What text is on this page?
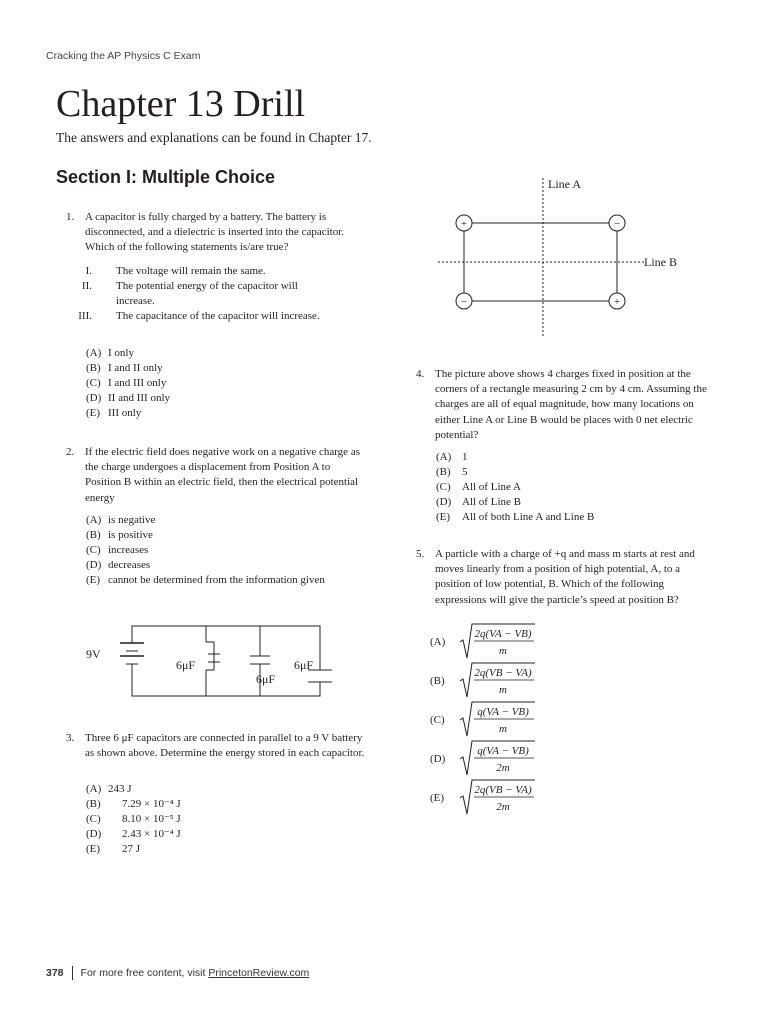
Cracking the AP Physics C Exam
Chapter 13 Drill
The answers and explanations can be found in Chapter 17.
Section I: Multiple Choice
1. A capacitor is fully charged by a battery. The battery is disconnected, and a dielectric is inserted into the capacitor. Which of the following statements is/are true?
I. The voltage will remain the same.
II. The potential energy of the capacitor will increase.
III. The capacitance of the capacitor will increase.
(A) I only
(B) I and II only
(C) I and III only
(D) II and III only
(E) III only
2. If the electric field does negative work on a negative charge as the charge undergoes a displacement from Position A to Position B within an electric field, then the electrical potential energy
(A) is negative
(B) is positive
(C) increases
(D) decreases
(E) cannot be determined from the information given
9V
6μF
6μF
6μF
3. Three 6 μF capacitors are connected in parallel to a 9 V battery as shown above. Determine the energy stored in each capacitor.
(A) 243 J
(B) 7.29 × 10⁻⁴ J
(C) 8.10 × 10⁻⁵ J
(D) 2.43 × 10⁻⁴ J
(E) 27 J
Line A
Line B
+	−
−	+
4. The picture above shows 4 charges fixed in position at the corners of a rectangle measuring 2 cm by 4 cm. Assuming the charges are all of equal magnitude, how many locations on either Line A or Line B would be places with 0 net electric potential?
(A) 1
(B) 5
(C) All of Line A
(D) All of Line B
(E) All of both Line A and Line B
5. A particle with a charge of +q and mass m starts at rest and moves linearly from a position of high potential, A, to a position of low potential, B. Which of the following expressions will give the particle’s speed at position B?
(A)
2q(VA − VB)
m
(B)
2q(VB − VA)
m
(C)
q(VA − VB)
m
(D)
q(VA − VB)
2m
(E)
2q(VB − VA)
2m
378 For more free content, visit PrincetonReview.com
